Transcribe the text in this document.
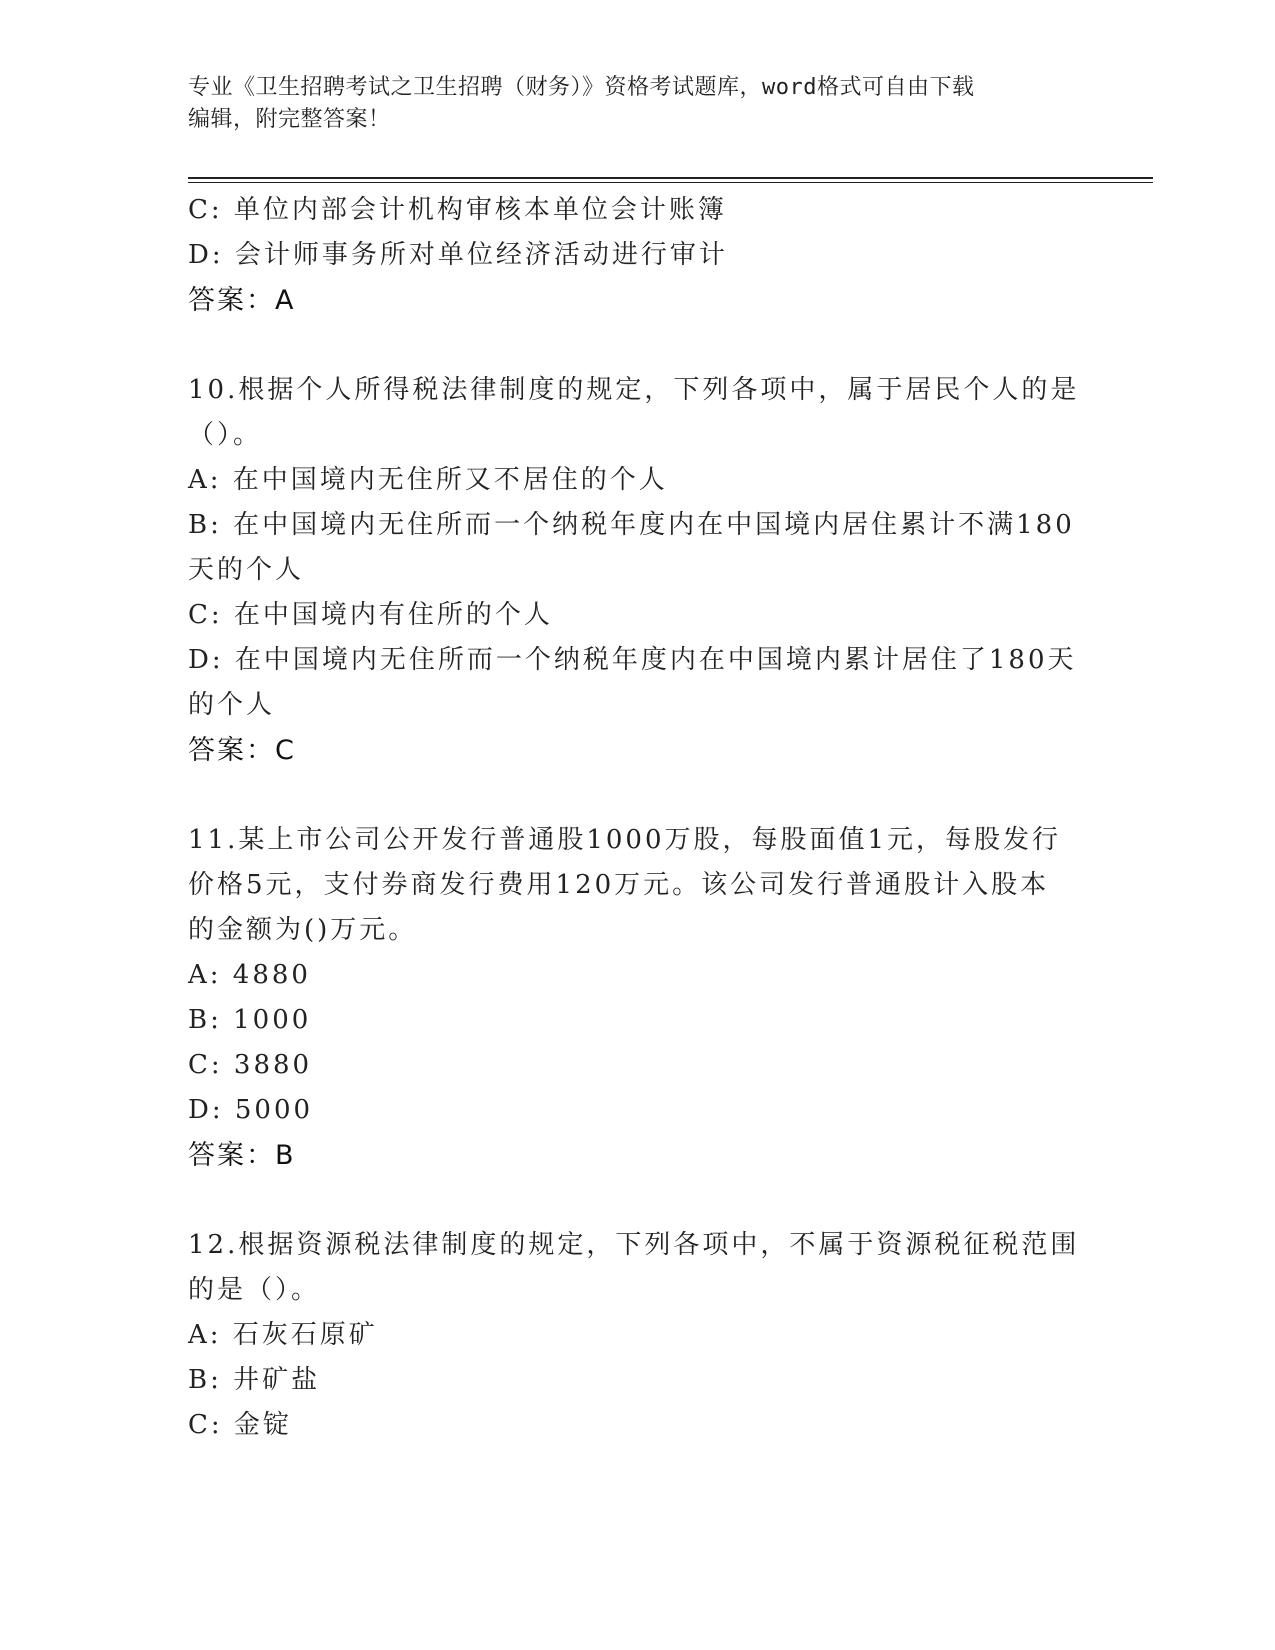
专业《卫生招聘考试之卫生招聘（财务）》资格考试题库，word格式可自由下载
编辑，附完整答案！
C: 单位内部会计机构审核本单位会计账簿
D: 会计师事务所对单位经济活动进行审计
答案：A
10.根据个人所得税法律制度的规定，下列各项中，属于居民个人的是
（）。
A: 在中国境内无住所又不居住的个人
B: 在中国境内无住所而一个纳税年度内在中国境内居住累计不满180
天的个人
C: 在中国境内有住所的个人
D: 在中国境内无住所而一个纳税年度内在中国境内累计居住了180天
的个人
答案：C
11.某上市公司公开发行普通股1000万股，每股面值1元，每股发行
价格5元，支付券商发行费用120万元。该公司发行普通股计入股本
的金额为()万元。
A: 4880
B: 1000
C: 3880
D: 5000
答案：B
12.根据资源税法律制度的规定，下列各项中，不属于资源税征税范围
的是（）。
A: 石灰石原矿
B: 井矿盐
C: 金锭
